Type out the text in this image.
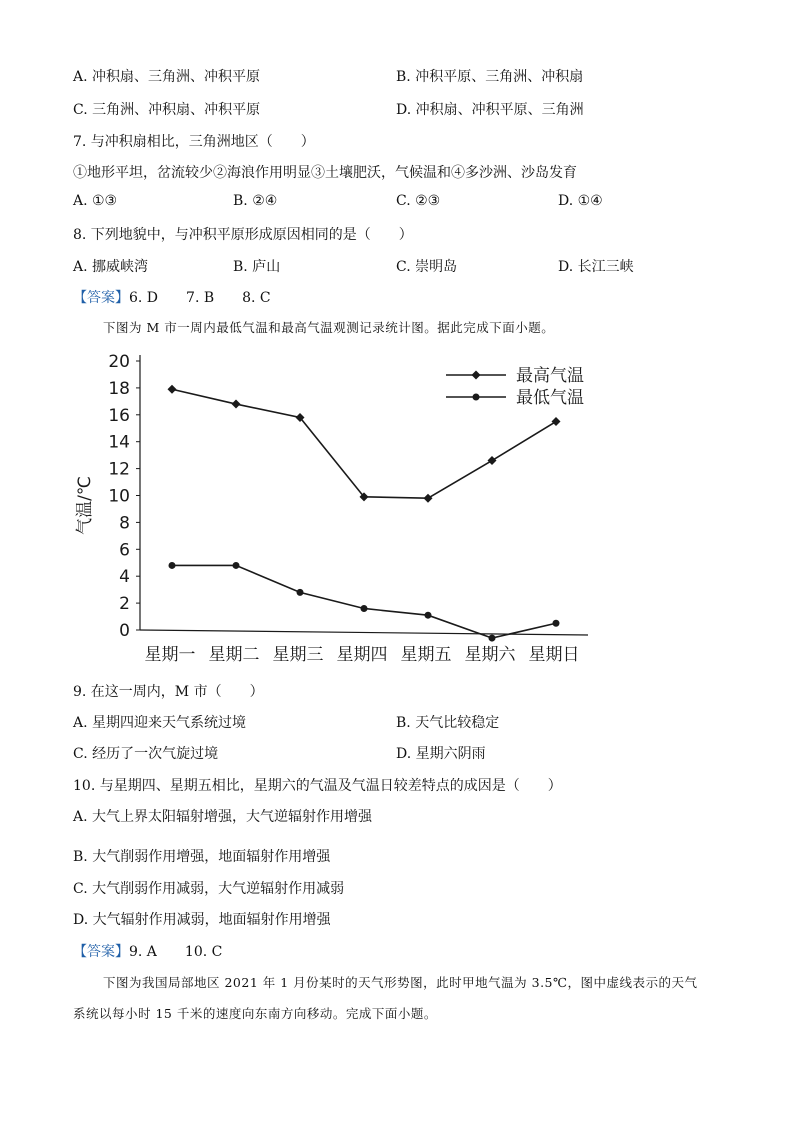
A. 冲积扇、三角洲、冲积平原	B. 冲积平原、三角洲、冲积扇
C. 三角洲、冲积扇、冲积平原	D. 冲积扇、冲积平原、三角洲
7. 与冲积扇相比，三角洲地区（　　）
①地形平坦，岔流较少②海浪作用明显③土壤肥沃，气候温和④多沙洲、沙岛发育
A. ①③	B. ②④	C. ②③	D. ①④
8. 下列地貌中，与冲积平原形成原因相同的是（　　）
A. 挪威峡湾	B. 庐山	C. 崇明岛	D. 长江三峡
【答案】6. D　　7. B　　8. C
下图为 M 市一周内最低气温和最高气温观测记录统计图。据此完成下面小题。
0
2
4
6
8
10
12
14
16
18
20
气温/℃
星期一 星期二 星期三 星期四 星期五 星期六 星期日
最高气温
最低气温
9. 在这一周内，M 市（　　）
A. 星期四迎来天气系统过境	B. 天气比较稳定
C. 经历了一次气旋过境	D. 星期六阴雨
10. 与星期四、星期五相比，星期六的气温及气温日较差特点的成因是（　　）
A. 大气上界太阳辐射增强，大气逆辐射作用增强
B. 大气削弱作用增强，地面辐射作用增强
C. 大气削弱作用减弱，大气逆辐射作用减弱
D. 大气辐射作用减弱，地面辐射作用增强
【答案】9. A　　10. C
下图为我国局部地区 2021 年 1 月份某时的天气形势图，此时甲地气温为 3.5℃，图中虚线表示的天气
系统以每小时 15 千米的速度向东南方向移动。完成下面小题。
